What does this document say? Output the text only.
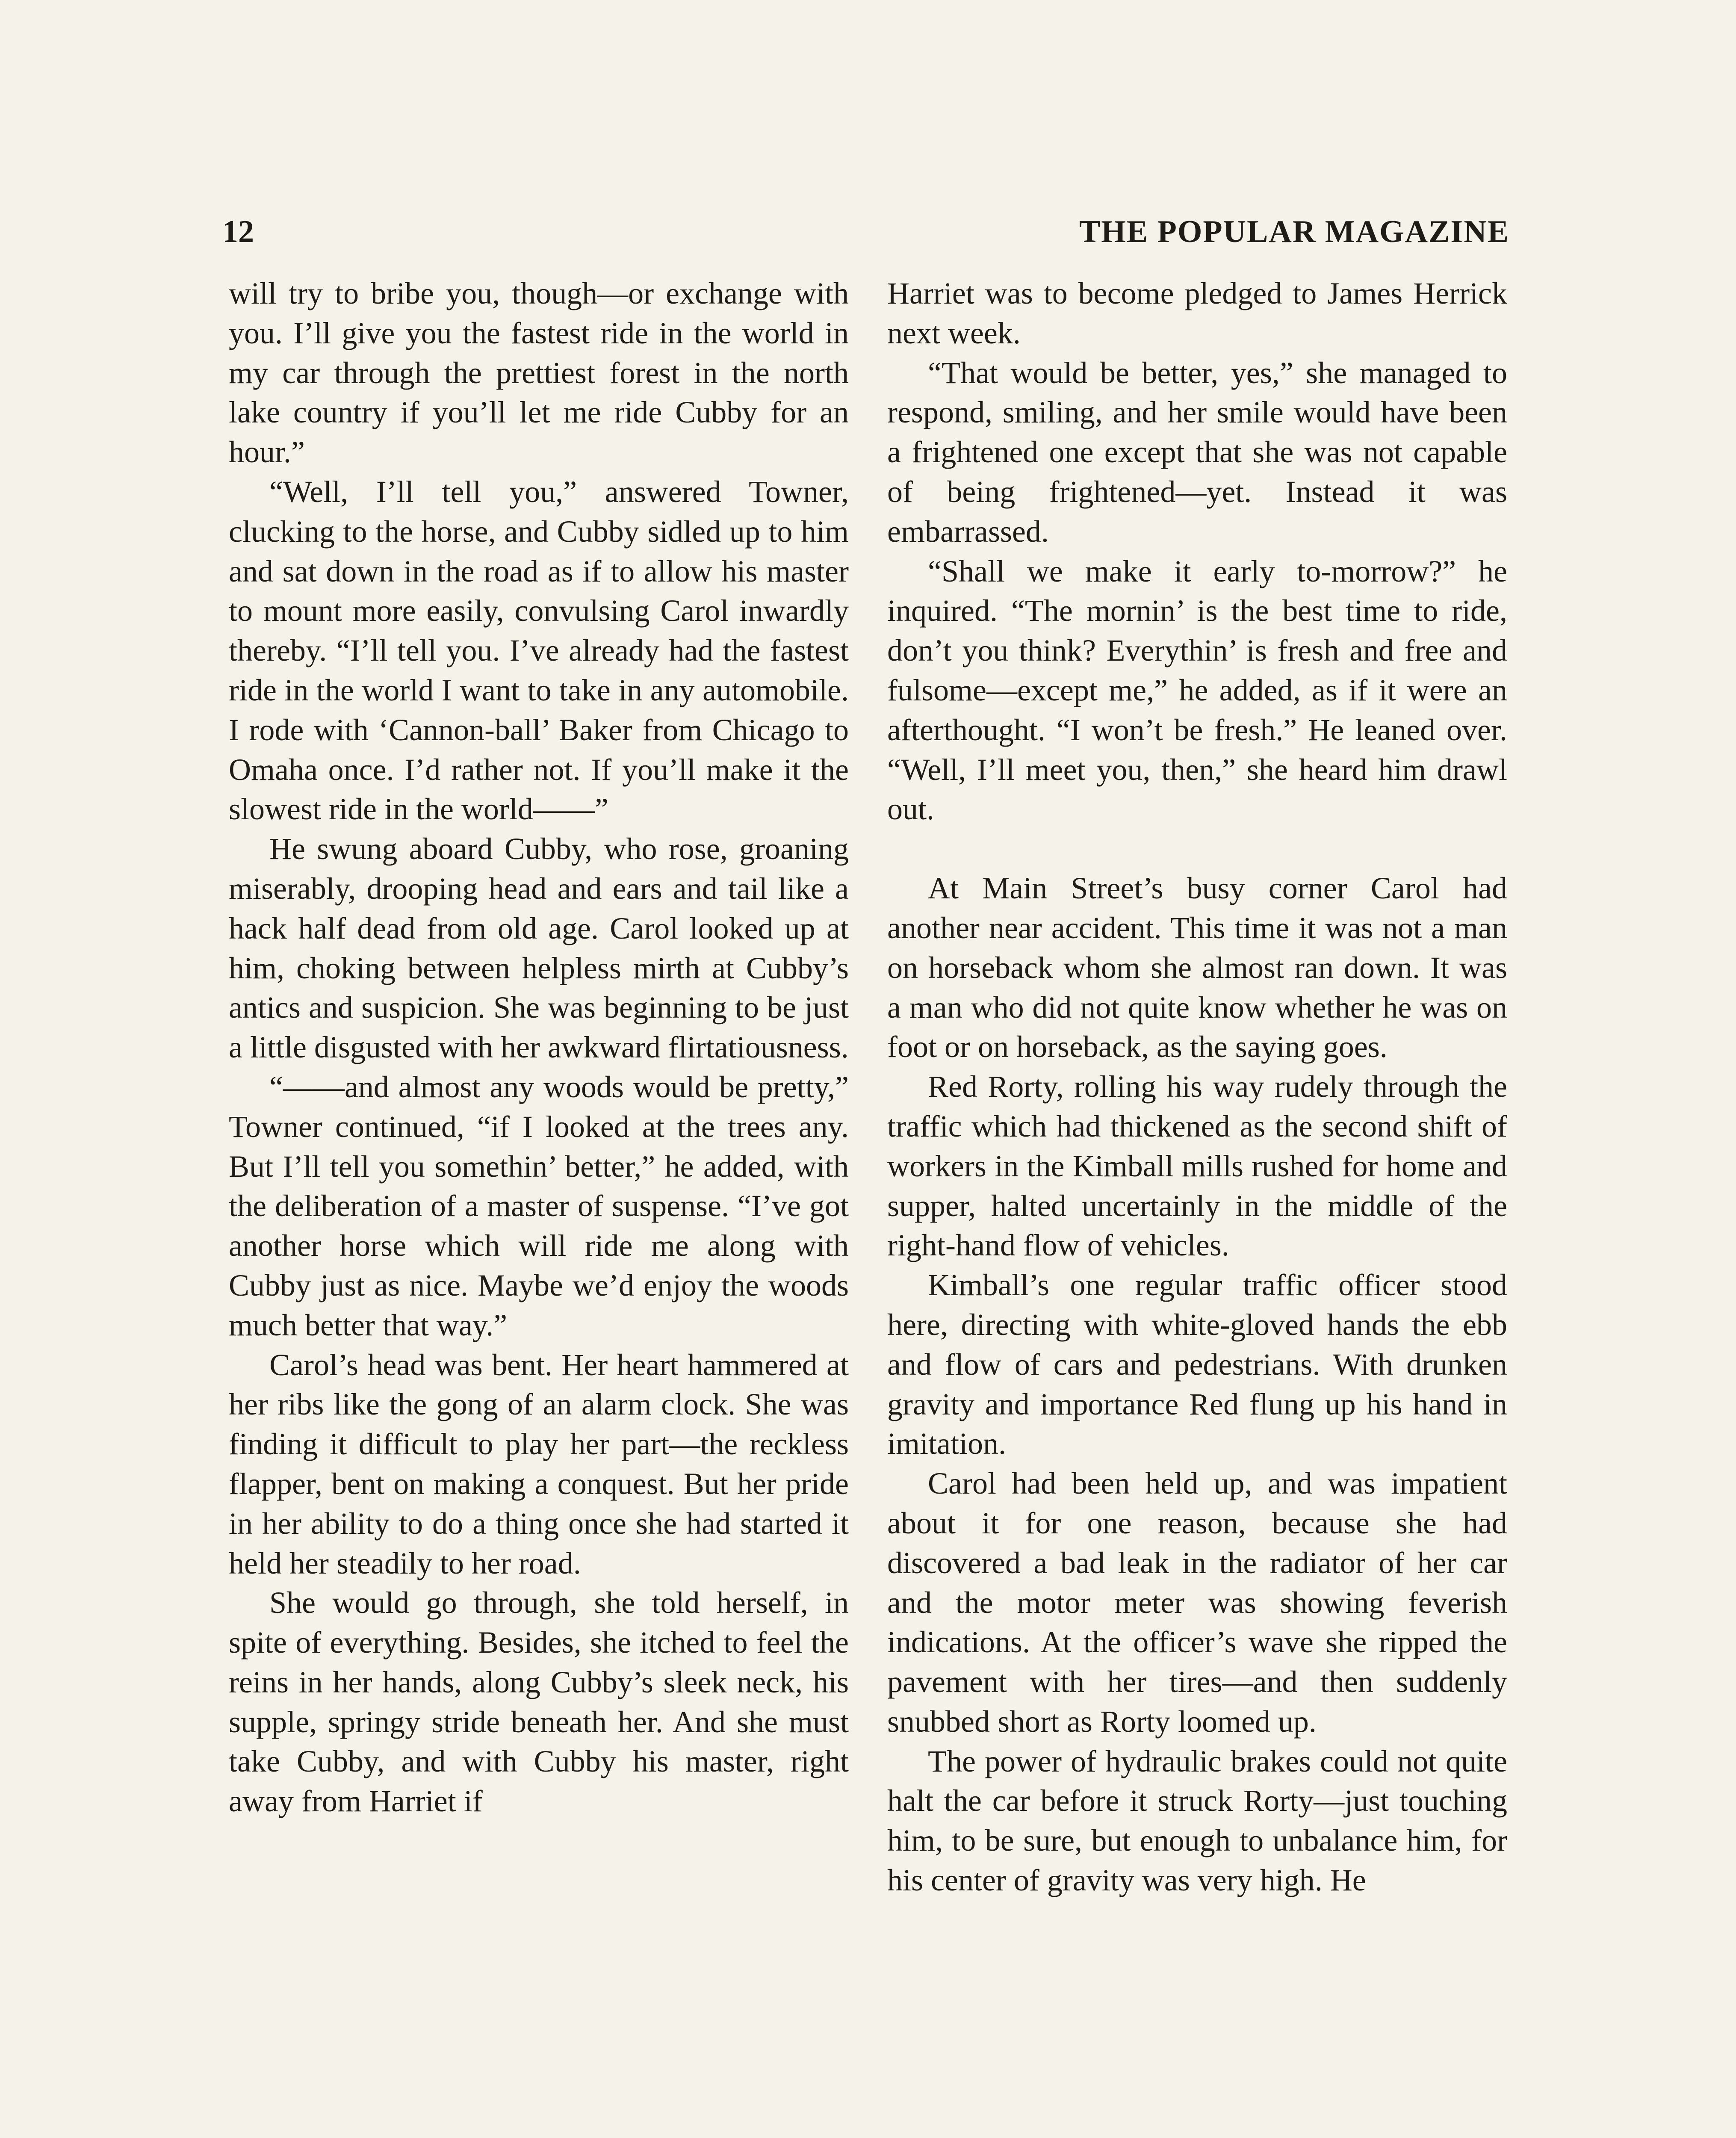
12	THE POPULAR MAGAZINE

will try to bribe you, though—or exchange with you. I’ll give you the fastest ride in the world in my car through the prettiest forest in the north lake country if you’ll let me ride Cubby for an hour.”

“Well, I’ll tell you,” answered Towner, clucking to the horse, and Cubby sidled up to him and sat down in the road as if to allow his master to mount more easily, convulsing Carol inwardly thereby. “I’ll tell you. I’ve already had the fastest ride in the world I want to take in any automobile. I rode with ‘Cannon-ball’ Baker from Chicago to Omaha once. I’d rather not. If you’ll make it the slowest ride in the world——”

He swung aboard Cubby, who rose, groaning miserably, drooping head and ears and tail like a hack half dead from old age. Carol looked up at him, choking between helpless mirth at Cubby’s antics and suspicion. She was beginning to be just a little disgusted with her awkward flirtatiousness.

“——and almost any woods would be pretty,” Towner continued, “if I looked at the trees any. But I’ll tell you somethin’ better,” he added, with the deliberation of a master of suspense. “I’ve got another horse which will ride me along with Cubby just as nice. Maybe we’d enjoy the woods much better that way.”

Carol’s head was bent. Her heart hammered at her ribs like the gong of an alarm clock. She was finding it difficult to play her part—the reckless flapper, bent on making a conquest. But her pride in her ability to do a thing once she had started it held her steadily to her road.

She would go through, she told herself, in spite of everything. Besides, she itched to feel the reins in her hands, along Cubby’s sleek neck, his supple, springy stride beneath her. And she must take Cubby, and with Cubby his master, right away from Harriet if

Harriet was to become pledged to James Herrick next week.

“That would be better, yes,” she managed to respond, smiling, and her smile would have been a frightened one except that she was not capable of being frightened—yet. Instead it was embarrassed.

“Shall we make it early to-morrow?” he inquired. “The mornin’ is the best time to ride, don’t you think? Everythin’ is fresh and free and fulsome—except me,” he added, as if it were an afterthought. “I won’t be fresh.” He leaned over. “Well, I’ll meet you, then,” she heard him drawl out.

At Main Street’s busy corner Carol had another near accident. This time it was not a man on horseback whom she almost ran down. It was a man who did not quite know whether he was on foot or on horseback, as the saying goes.

Red Rorty, rolling his way rudely through the traffic which had thickened as the second shift of workers in the Kimball mills rushed for home and supper, halted uncertainly in the middle of the right-hand flow of vehicles.

Kimball’s one regular traffic officer stood here, directing with white-gloved hands the ebb and flow of cars and pedestrians. With drunken gravity and importance Red flung up his hand in imitation.

Carol had been held up, and was impatient about it for one reason, because she had discovered a bad leak in the radiator of her car and the motor meter was showing feverish indications. At the officer’s wave she ripped the pavement with her tires—and then suddenly snubbed short as Rorty loomed up.

The power of hydraulic brakes could not quite halt the car before it struck Rorty—just touching him, to be sure, but enough to unbalance him, for his center of gravity was very high. He
